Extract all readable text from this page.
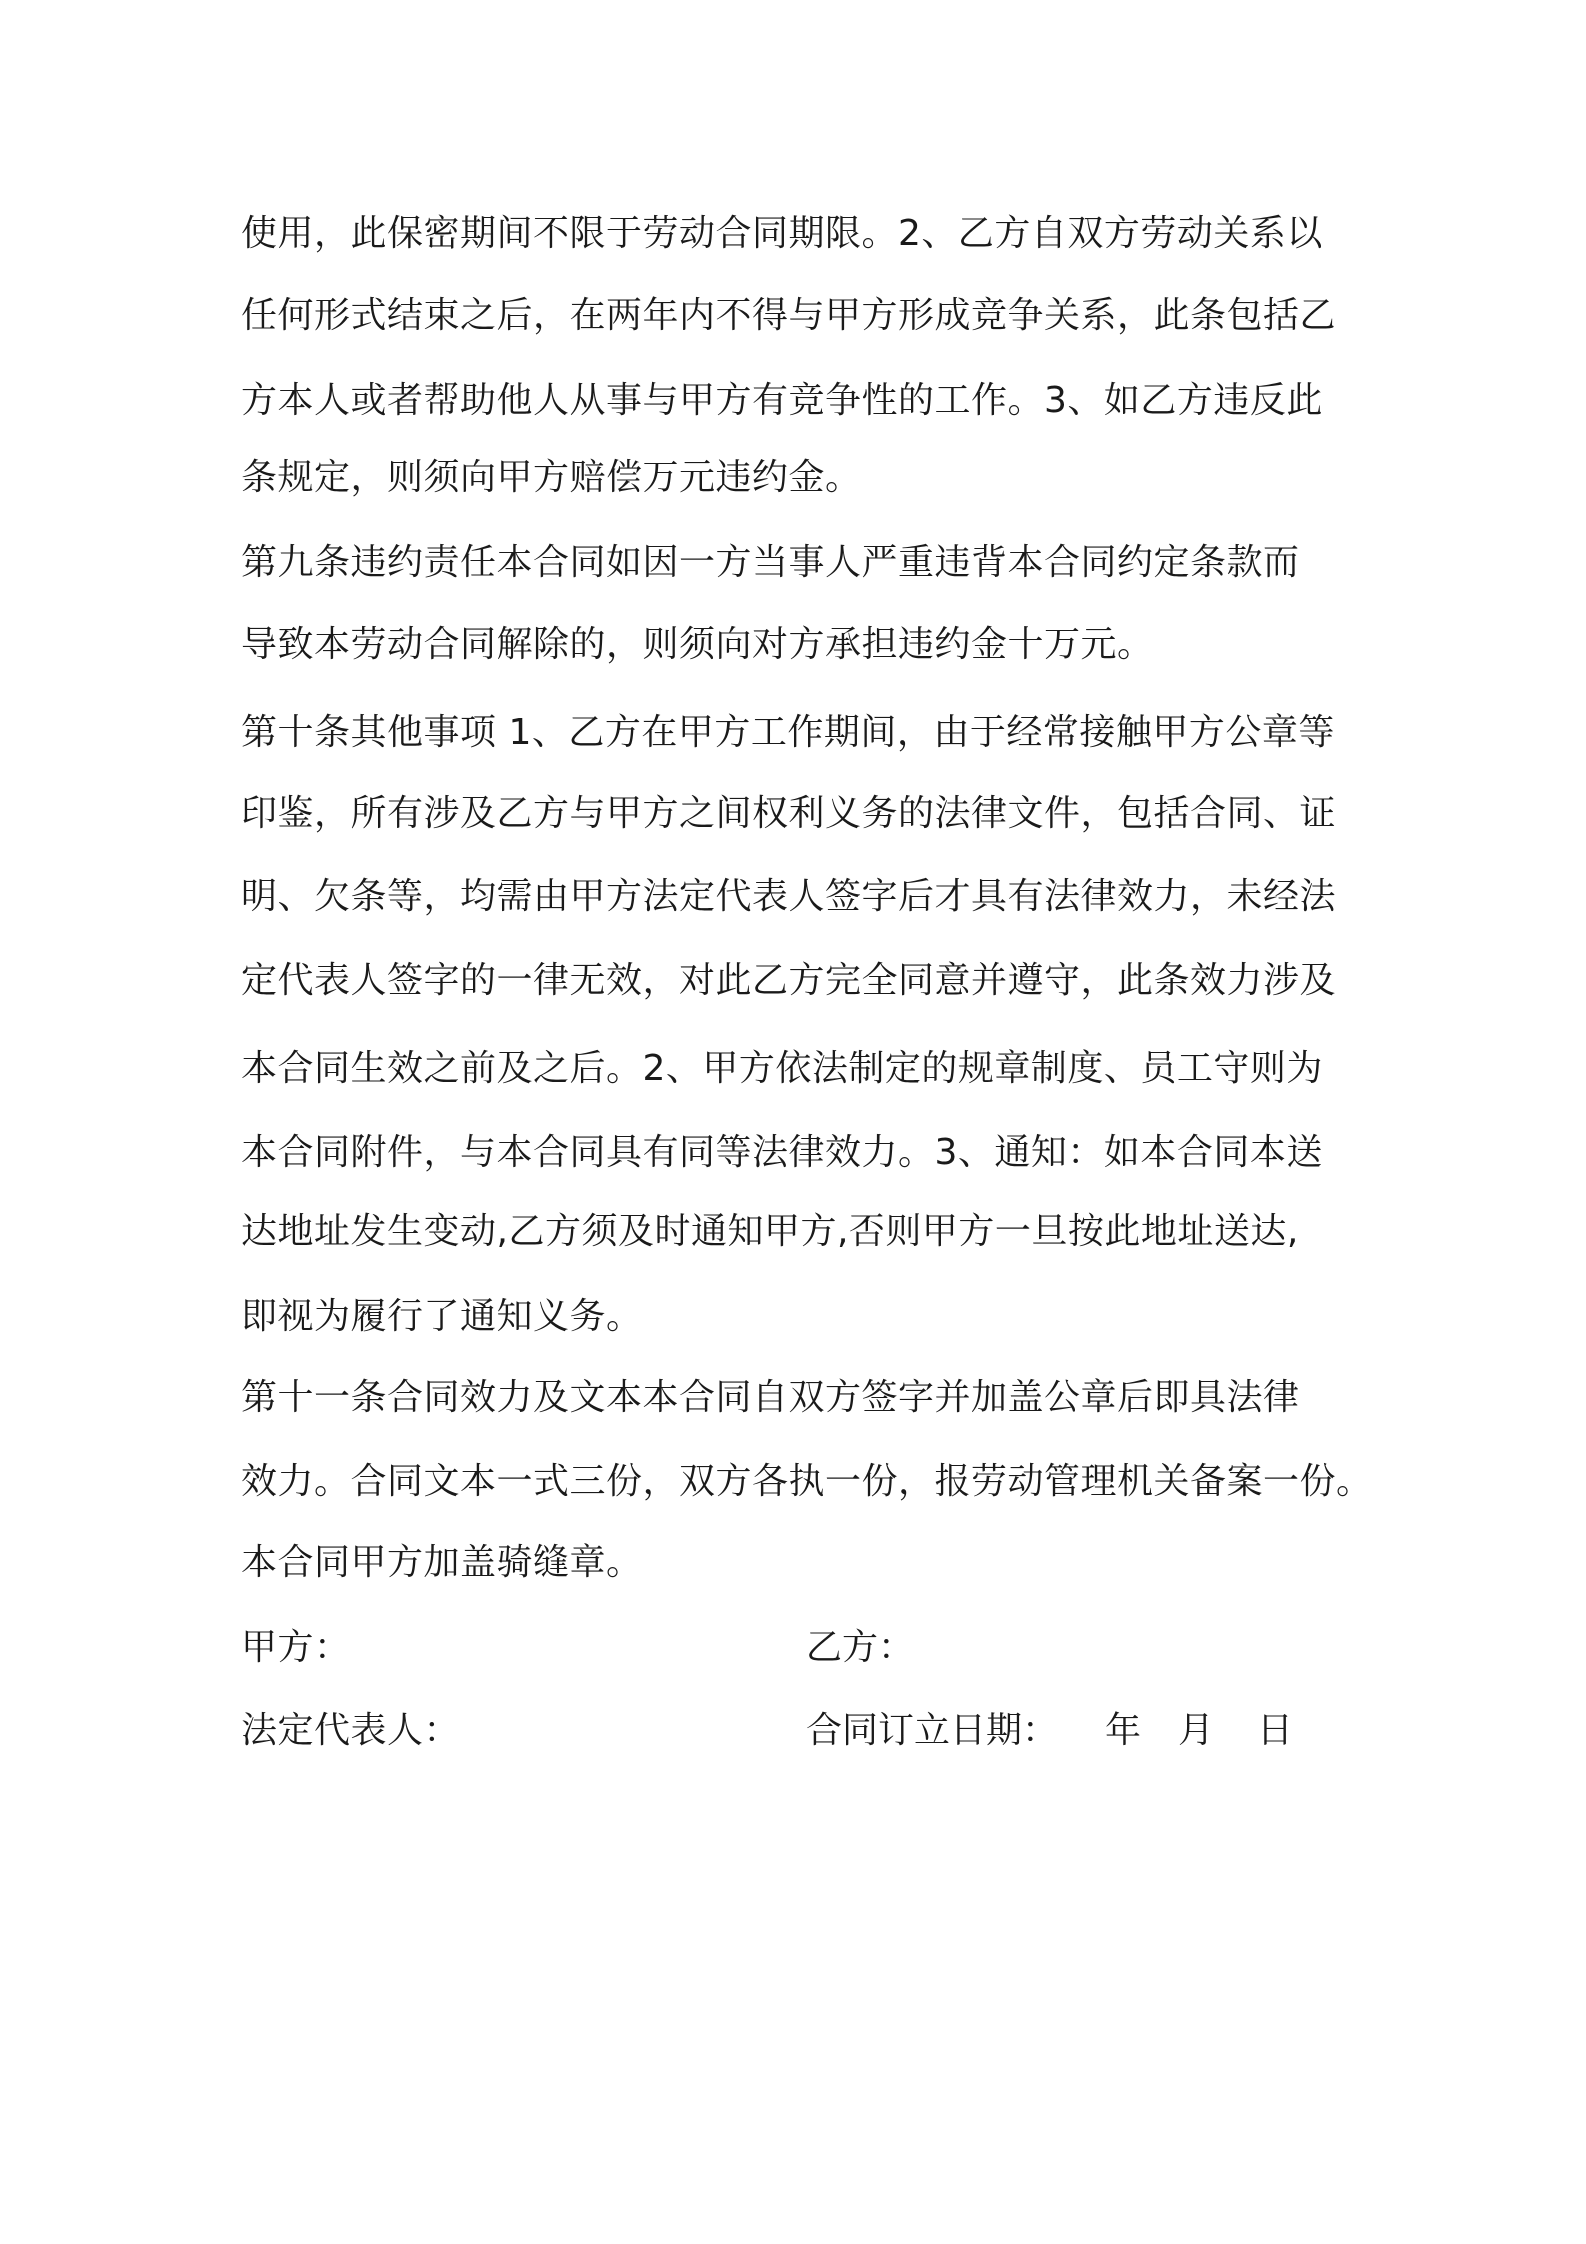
使用，此保密期间不限于劳动合同期限。2、乙方自双方劳动关系以
任何形式结束之后，在两年内不得与甲方形成竞争关系，此条包括乙
方本人或者帮助他人从事与甲方有竞争性的工作。3、如乙方违反此
条规定，则须向甲方赔偿万元违约金。
第九条违约责任本合同如因一方当事人严重违背本合同约定条款而
导致本劳动合同解除的，则须向对方承担违约金十万元。
第十条其他事项 1、乙方在甲方工作期间，由于经常接触甲方公章等
印鉴，所有涉及乙方与甲方之间权利义务的法律文件，包括合同、证
明、欠条等，均需由甲方法定代表人签字后才具有法律效力，未经法
定代表人签字的一律无效，对此乙方完全同意并遵守，此条效力涉及
本合同生效之前及之后。2、甲方依法制定的规章制度、员工守则为
本合同附件，与本合同具有同等法律效力。3、通知：如本合同本送
达地址发生变动,乙方须及时通知甲方,否则甲方一旦按此地址送达,
即视为履行了通知义务。
第十一条合同效力及文本本合同自双方签字并加盖公章后即具法律
效力。合同文本一式三份，双方各执一份，报劳动管理机关备案一份。
本合同甲方加盖骑缝章。
甲方：	乙方：
法定代表人：	合同订立日期： 年 月 日
